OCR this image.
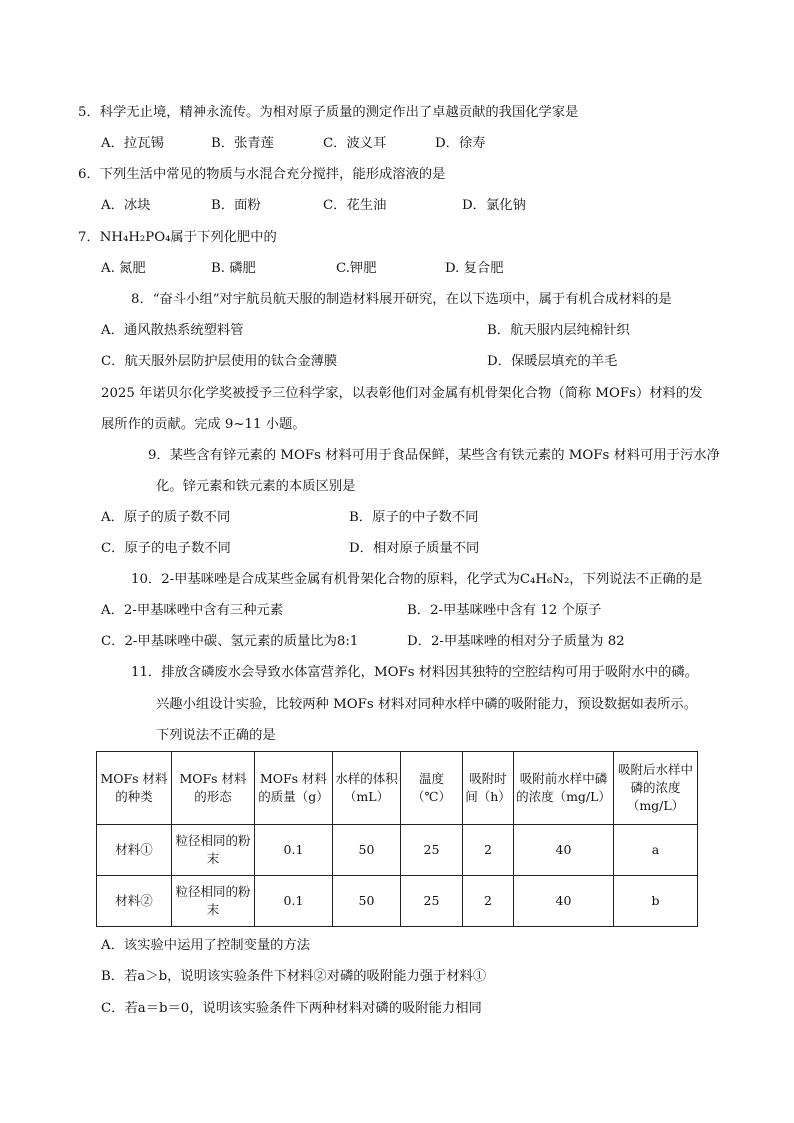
5．科学无止境，精神永流传。为相对原子质量的测定作出了卓越贡献的我国化学家是
A．拉瓦锡	B．张青莲	C．波义耳	D．徐寿
6．下列生活中常见的物质与水混合充分搅拌，能形成溶液的是
A．冰块	B．面粉	C．花生油	D．氯化钠
7．NH₄H₂PO₄属于下列化肥中的
A. 氮肥	B. 磷肥	C.钾肥	D. 复合肥
8．“奋斗小组”对宇航员航天服的制造材料展开研究，在以下选项中，属于有机合成材料的是
A．通风散热系统塑料管	B．航天服内层纯棉针织
C．航天服外层防护层使用的钛合金薄膜	D．保暖层填充的羊毛
2025 年诺贝尔化学奖被授予三位科学家，以表彰他们对金属有机骨架化合物（简称 MOFs）材料的发
展所作的贡献。完成 9~11 小题。
9．某些含有锌元素的 MOFs 材料可用于食品保鲜，某些含有铁元素的 MOFs 材料可用于污水净
化。锌元素和铁元素的本质区别是
A．原子的质子数不同	B．原子的中子数不同
C．原子的电子数不同	D．相对原子质量不同
10．2-甲基咪唑是合成某些金属有机骨架化合物的原料，化学式为C₄H₆N₂，下列说法不正确的是
A．2-甲基咪唑中含有三种元素	B．2-甲基咪唑中含有 12 个原子
C．2-甲基咪唑中碳、氢元素的质量比为8:1	D．2-甲基咪唑的相对分子质量为 82
11．排放含磷废水会导致水体富营养化，MOFs 材料因其独特的空腔结构可用于吸附水中的磷。
兴趣小组设计实验，比较两种 MOFs 材料对同种水样中磷的吸附能力，预设数据如表所示。
下列说法不正确的是
MOFs 材料的种类	MOFs 材料的形态	MOFs 材料的质量（g）	水样的体积（mL）	温度（℃）	吸附时间（h）	吸附前水样中磷的浓度（mg/L）	吸附后水样中磷的浓度（mg/L）
材料①	粒径相同的粉末	0.1	50	25	2	40	a
材料②	粒径相同的粉末	0.1	50	25	2	40	b
A．该实验中运用了控制变量的方法
B．若a＞b，说明该实验条件下材料②对磷的吸附能力强于材料①
C．若a＝b＝0，说明该实验条件下两种材料对磷的吸附能力相同
